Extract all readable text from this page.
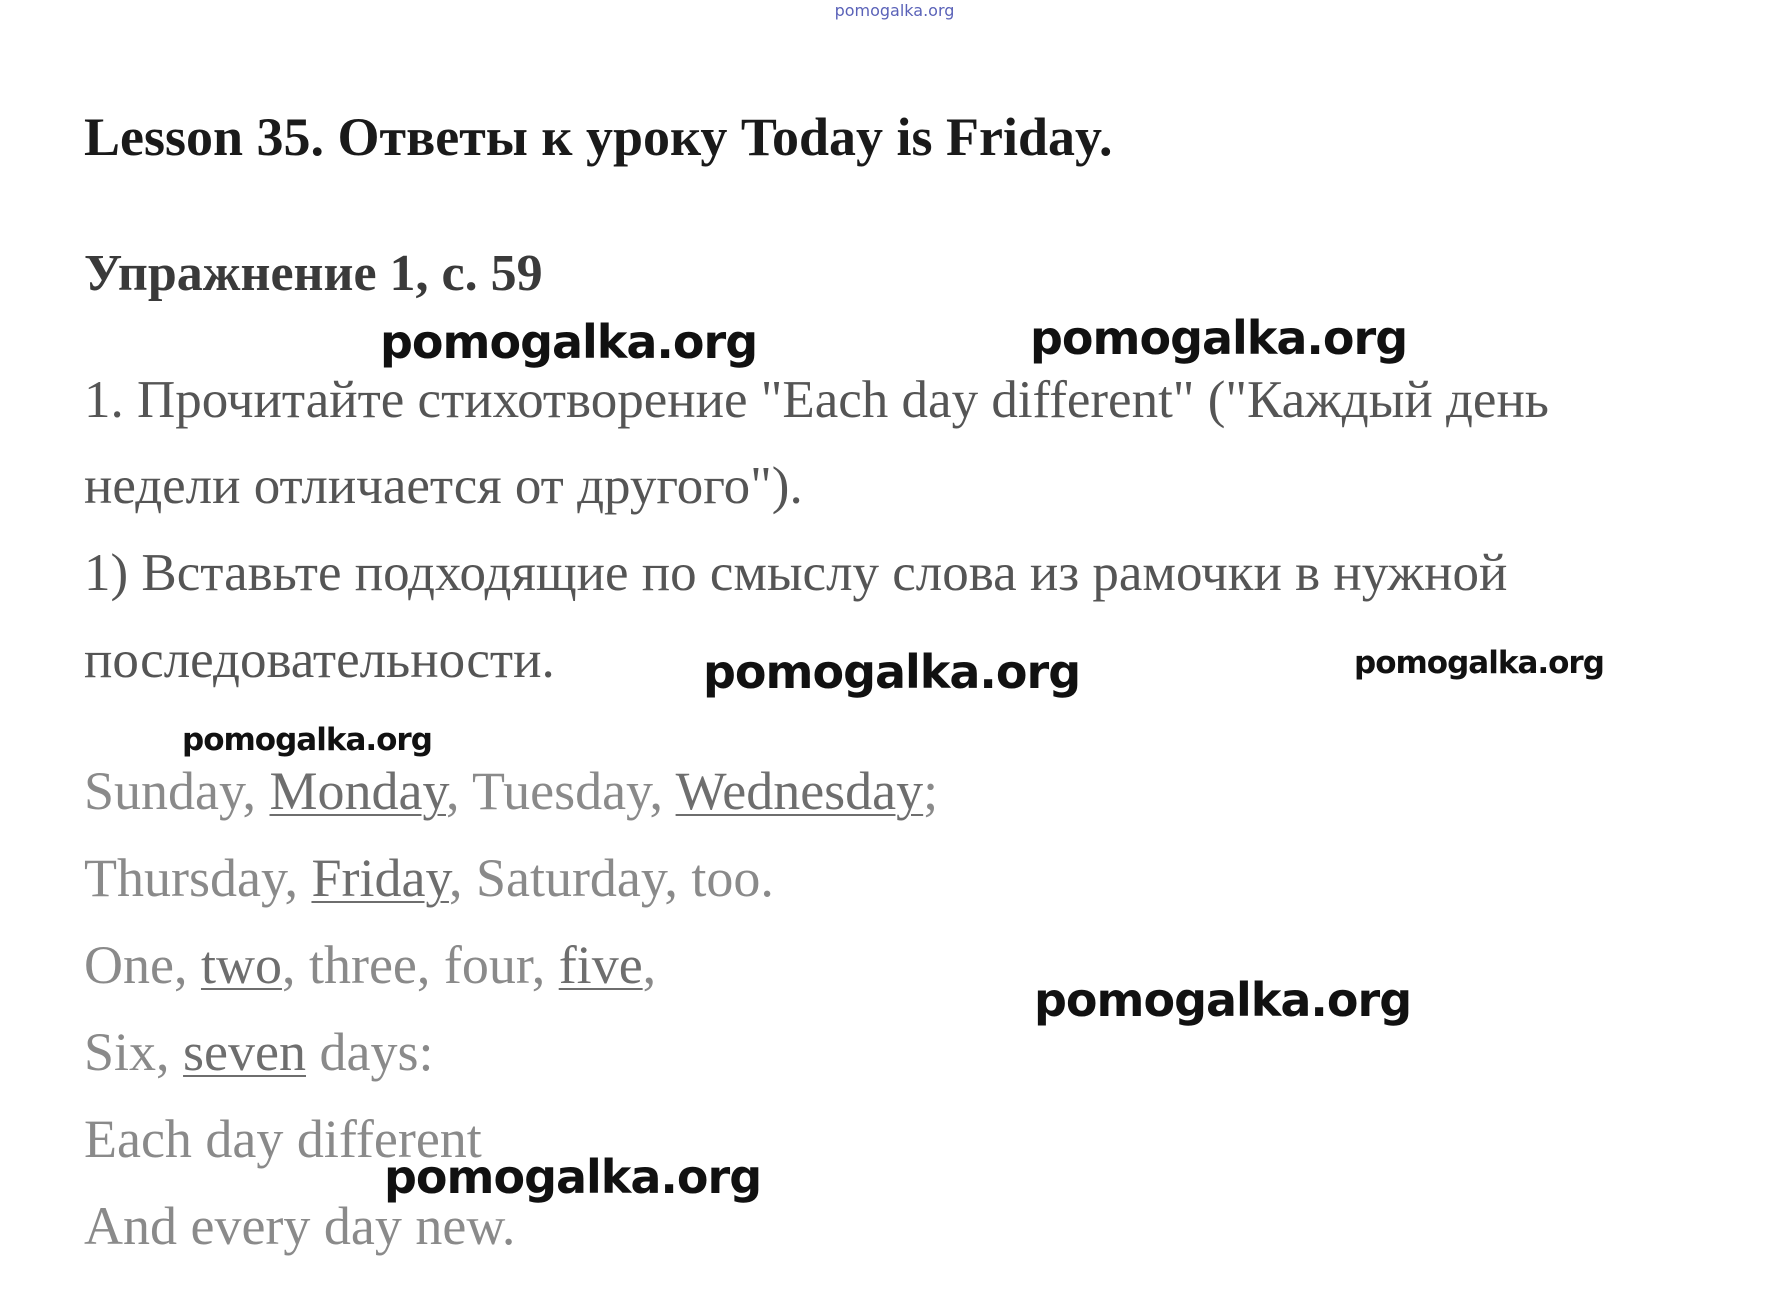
pomogalka.org
Lesson 35. Ответы к уроку Today is Friday.
Упражнение 1, с. 59
1. Прочитайте стихотворение "Each day different" ("Каждый день
недели отличается от другого").
1) Вставьте подходящие по смыслу слова из рамочки в нужной
последовательности.
Sunday, Monday, Tuesday, Wednesday;
Thursday, Friday, Saturday, too.
One, two, three, four, five,
Six, seven days:
Each day different
And every day new.
pomogalka.org	pomogalka.org
pomogalka.org	pomogalka.org
pomogalka.org
pomogalka.org
pomogalka.org
